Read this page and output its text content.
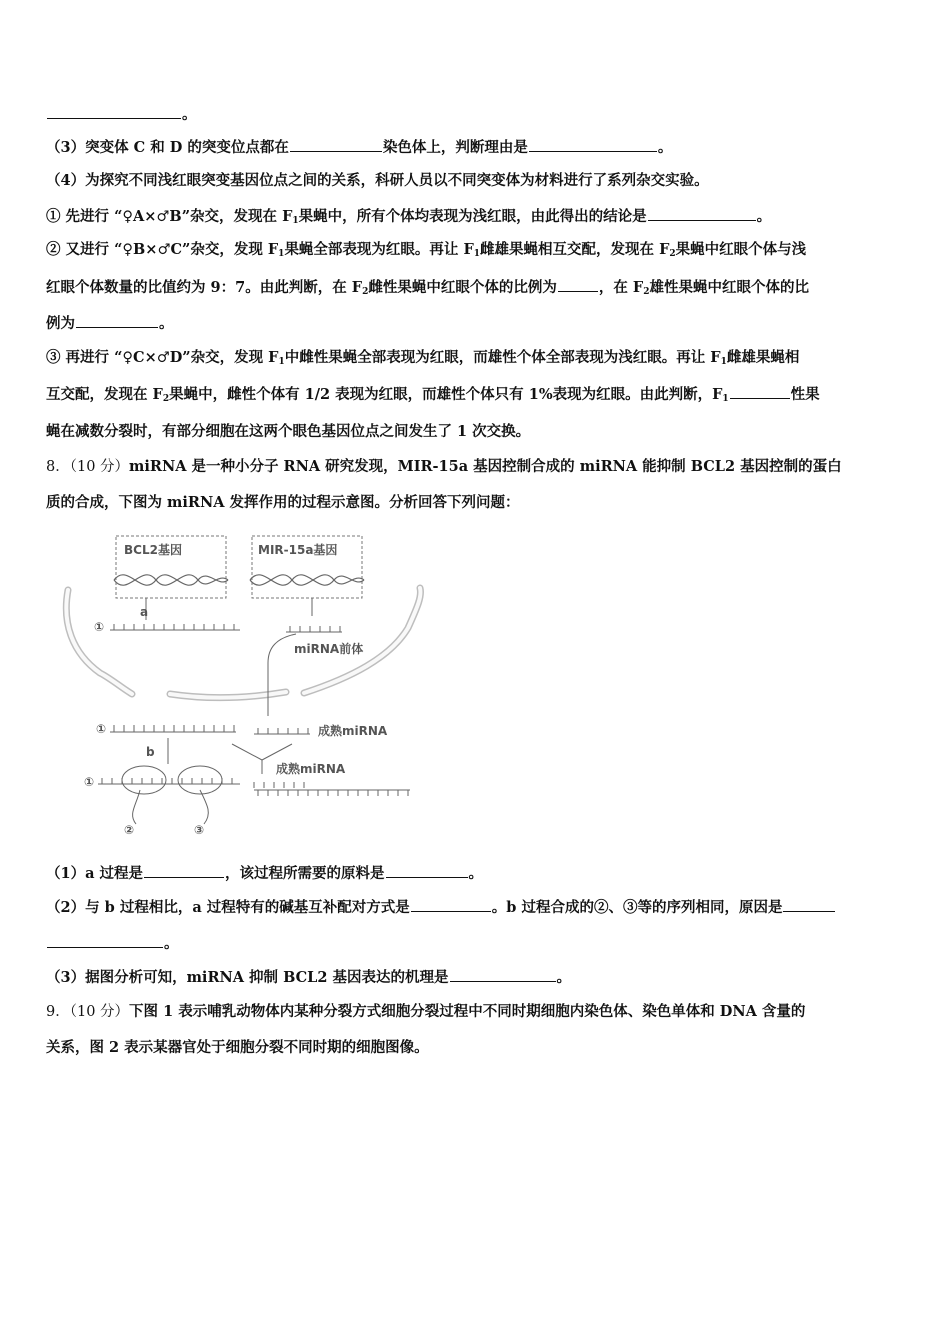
。
（3）突变体 C 和 D 的突变位点都在	染色体上，判断理由是	。
（4）为探究不同浅红眼突变基因位点之间的关系，科研人员以不同突变体为材料进行了系列杂交实验。
① 先进行 “♀A×♂B”杂交，发现在 $F_1$果蝇中，所有个体均表现为浅红眼，由此得出的结论是	。
② 又进行 “♀B×♂C”杂交，发现 $F_1$果蝇全部表现为红眼。再让 $F_1$雌雄果蝇相互交配，发现在 $F_2$果蝇中红眼个体与浅
红眼个体数量的比值约为 9：7。由此判断，在 $F_2$雌性果蝇中红眼个体的比例为	，在 $F_2$雄性果蝇中红眼个体的比
例为	。
③ 再进行 “♀C×♂D”杂交，发现 $F_1$中雌性果蝇全部表现为红眼，而雄性个体全部表现为浅红眼。再让 $F_1$雌雄果蝇相
互交配，发现在 $F_2$果蝇中，雌性个体有 1/2 表现为红眼，而雄性个体只有 1%表现为红眼。由此判断，$F_1$	性果
蝇在减数分裂时，有部分细胞在这两个眼色基因位点之间发生了 1 次交换。
8．（10 分）miRNA 是一种小分子 RNA 研究发现，MIR-15a 基因控制合成的 miRNA 能抑制 BCL2 基因控制的蛋白
质的合成，下图为 miRNA 发挥作用的过程示意图。分析回答下列问题：
BCL2基因	MIR-15a基因
a
①
miRNA前体
①	成熟miRNA
b
成熟miRNA
①
②	③
（1）a 过程是	，该过程所需要的原料是	。
（2）与 b 过程相比，a 过程特有的碱基互补配对方式是	。b 过程合成的②、③等的序列相同，原因是
。
（3）据图分析可知，miRNA 抑制 BCL2 基因表达的机理是	。
9．（10 分）下图 1 表示哺乳动物体内某种分裂方式细胞分裂过程中不同时期细胞内染色体、染色单体和 DNA 含量的
关系，图 2 表示某器官处于细胞分裂不同时期的细胞图像。
